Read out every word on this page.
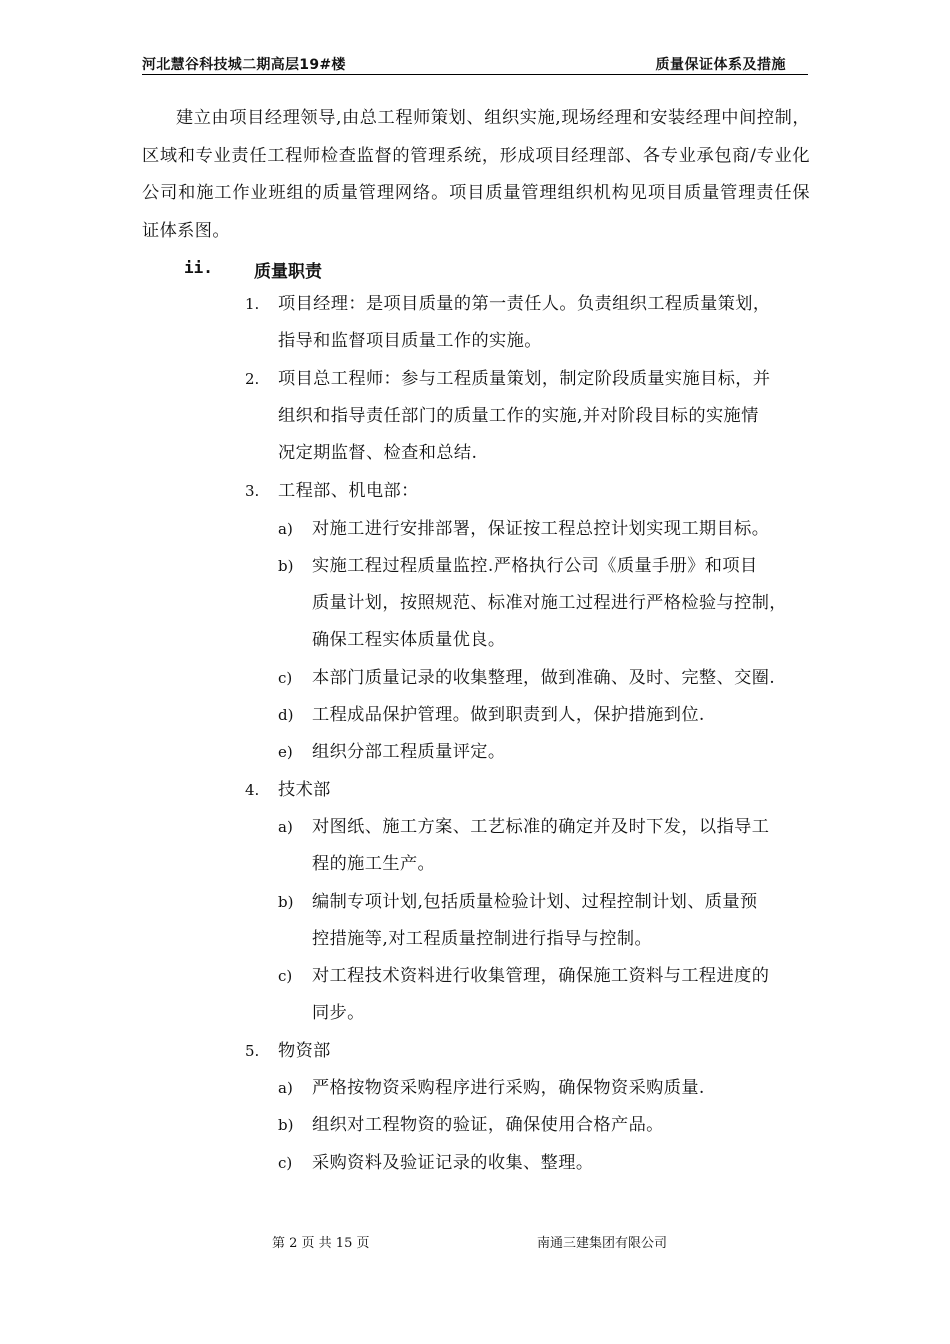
河北慧谷科技城二期高层19#楼	质量保证体系及措施

建立由项目经理领导,由总工程师策划、组织实施,现场经理和安装经理中间控制，区域和专业责任工程师检查监督的管理系统，形成项目经理部、各专业承包商/专业化公司和施工作业班组的质量管理网络。项目质量管理组织机构见项目质量管理责任保证体系图。

ii. 质量职责
1. 项目经理：是项目质量的第一责任人。负责组织工程质量策划，
指导和监督项目质量工作的实施。
2. 项目总工程师：参与工程质量策划，制定阶段质量实施目标，并
组织和指导责任部门的质量工作的实施,并对阶段目标的实施情
况定期监督、检查和总结.
3. 工程部、机电部：
a) 对施工进行安排部署，保证按工程总控计划实现工期目标。
b) 实施工程过程质量监控.严格执行公司《质量手册》和项目
质量计划，按照规范、标准对施工过程进行严格检验与控制，
确保工程实体质量优良。
c) 本部门质量记录的收集整理，做到准确、及时、完整、交圈.
d) 工程成品保护管理。做到职责到人，保护措施到位.
e) 组织分部工程质量评定。
4. 技术部
a) 对图纸、施工方案、工艺标准的确定并及时下发，以指导工
程的施工生产。
b) 编制专项计划,包括质量检验计划、过程控制计划、质量预
控措施等,对工程质量控制进行指导与控制。
c) 对工程技术资料进行收集管理，确保施工资料与工程进度的
同步。
5. 物资部
a) 严格按物资采购程序进行采购，确保物资采购质量.
b) 组织对工程物资的验证，确保使用合格产品。
c) 采购资料及验证记录的收集、整理。
第 2 页 共 15 页	南通三建集团有限公司
